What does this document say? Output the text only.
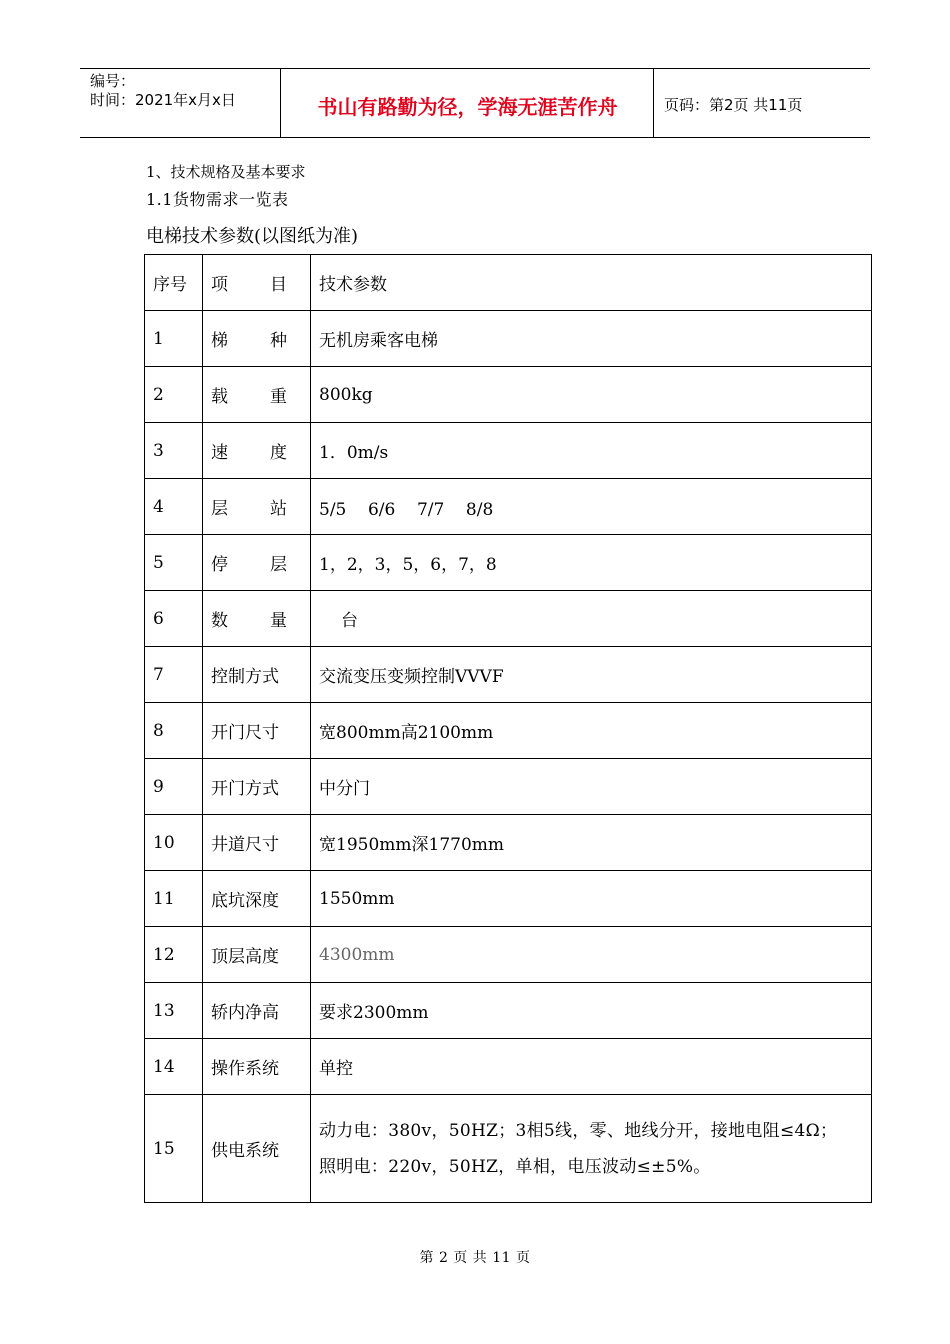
编号：
时间：2021年x月x日	书山有路勤为径，学海无涯苦作舟	页码：第2页 共11页
1、技术规格及基本要求
1.1货物需求一览表
电梯技术参数(以图纸为准)
序号	项　目	技术参数
1	梯　种	无机房乘客电梯
2	载　重	800kg
3	速　度	1．0m/s
4	层　站	5/5    6/6    7/7    8/8
5	停　层	1，2，3，5，6，7，8
6	数　量	台
7	控制方式	交流变压变频控制VVVF
8	开门尺寸	宽800mm高2100mm
9	开门方式	中分门
10	井道尺寸	宽1950mm深1770mm
11	底坑深度	1550mm
12	顶层高度	4300mm
13	轿内净高	要求2300mm
14	操作系统	单控
15	供电系统	动力电：380v，50HZ；3相5线，零、地线分开，接地电阻≤4Ω；
照明电：220v，50HZ，单相，电压波动≤±5%。
第 2 页 共 11 页
